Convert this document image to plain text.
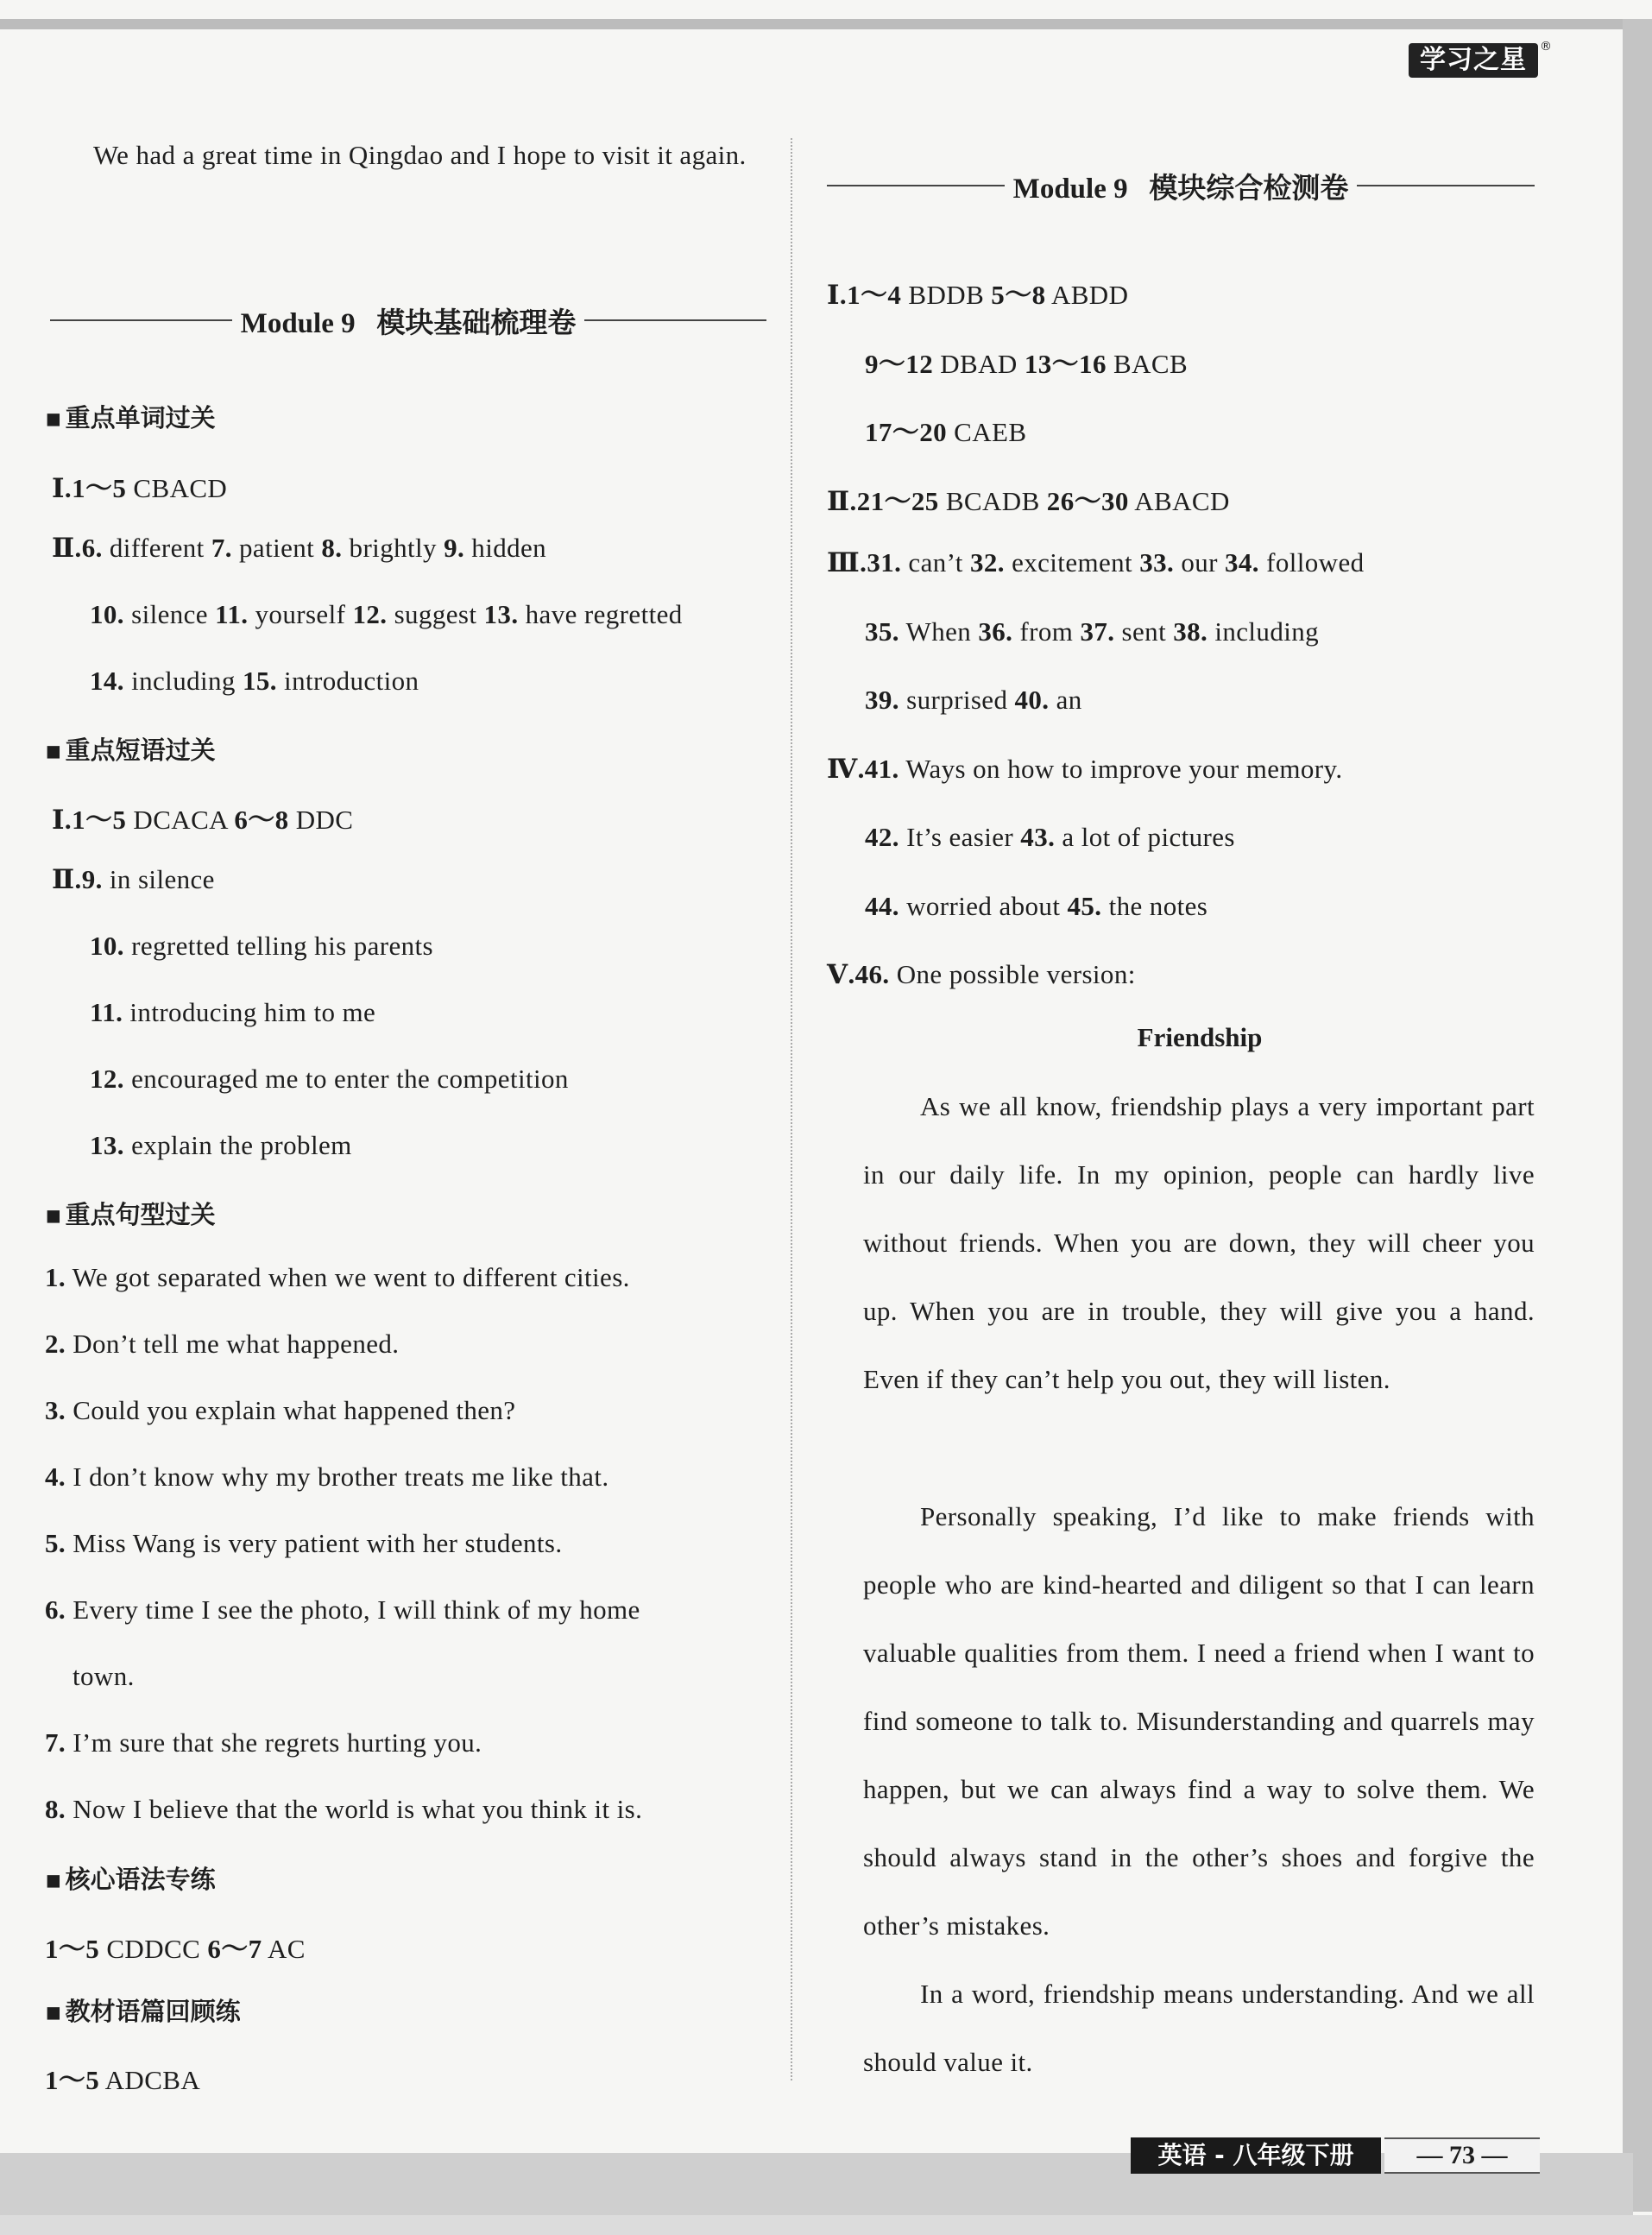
学习之星	®
We had a great time in Qingdao and I hope to visit it again.
Module 9 模块基础梳理卷
▪ 重点单词过关
Ⅰ.1～5 CBACD
Ⅱ.6. different 7. patient 8. brightly 9. hidden
10. silence 11. yourself 12. suggest 13. have regretted
14. including 15. introduction
▪ 重点短语过关
Ⅰ.1～5 DCACA 6～8 DDC
Ⅱ.9. in silence
10. regretted telling his parents
11. introducing him to me
12. encouraged me to enter the competition
13. explain the problem
▪ 重点句型过关
1. We got separated when we went to different cities.
2. Don’t tell me what happened.
3. Could you explain what happened then?
4. I don’t know why my brother treats me like that.
5. Miss Wang is very patient with her students.
6. Every time I see the photo, I will think of my home
town.
7. I’m sure that she regrets hurting you.
8. Now I believe that the world is what you think it is.
▪ 核心语法专练
1～5 CDDCC 6～7 AC
▪ 教材语篇回顾练
1～5 ADCBA
Module 9 模块综合检测卷
Ⅰ.1～4 BDDB 5～8 ABDD
9～12 DBAD 13～16 BACB
17～20 CAEB
Ⅱ.21～25 BCADB 26～30 ABACD
Ⅲ.31. can’t 32. excitement 33. our 34. followed
35. When 36. from 37. sent 38. including
39. surprised 40. an
Ⅳ.41. Ways on how to improve your memory.
42. It’s easier 43. a lot of pictures
44. worried about 45. the notes
Ⅴ.46. One possible version:
Friendship
As we all know, friendship plays a very important part in our daily life. In my opinion, people can hardly live without friends. When you are down, they will cheer you up. When you are in trouble, they will give you a hand. Even if they can’t help you out, they will listen.
Personally speaking, I’d like to make friends with people who are kind-hearted and diligent so that I can learn valuable qualities from them. I need a friend when I want to find someone to talk to. Misunderstanding and quarrels may happen, but we can always find a way to solve them. We should always stand in the other’s shoes and forgive the other’s mistakes.
In a word, friendship means understanding. And we all should value it.
英语 - 八年级下册	— 73 —
